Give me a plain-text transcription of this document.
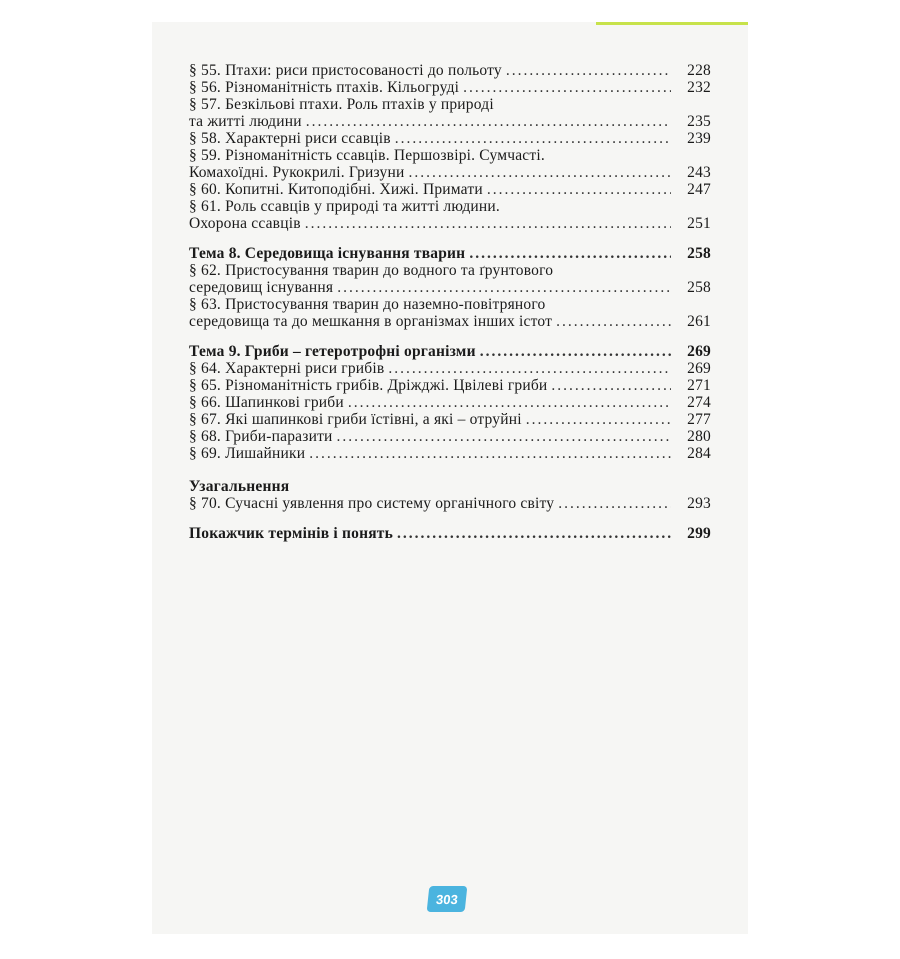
§ 55. Птахи: риси пристосованості до польоту .....	228
§ 56. Різноманітність птахів. Кільогруді .....	232
§ 57. Безкільові птахи. Роль птахів у природі
та житті людини .....	235
§ 58. Характерні риси ссавців .....	239
§ 59. Різноманітність ссавців. Першозвірі. Сумчасті.
Комахоїдні. Рукокрилі. Гризуни .....	243
§ 60. Копитні. Китоподібні. Хижі. Примати .....	247
§ 61. Роль ссавців у природі та житті людини.
Охорона ссавців .....	251
Тема 8. Середовища існування тварин .....	258
§ 62. Пристосування тварин до водного та ґрунтового
середовищ існування .....	258
§ 63. Пристосування тварин до наземно-повітряного
середовища та до мешкання в організмах інших істот .....	261
Тема 9. Гриби – гетеротрофні організми .....	269
§ 64. Характерні риси грибів .....	269
§ 65. Різноманітність грибів. Дріжджі. Цвілеві гриби .....	271
§ 66. Шапинкові гриби .....	274
§ 67. Які шапинкові гриби їстівні, а які – отруйні .....	277
§ 68. Гриби-паразити .....	280
§ 69. Лишайники .....	284
Узагальнення
§ 70. Сучасні уявлення про систему органічного світу .....	293
Покажчик термінів і понять .....	299
303
